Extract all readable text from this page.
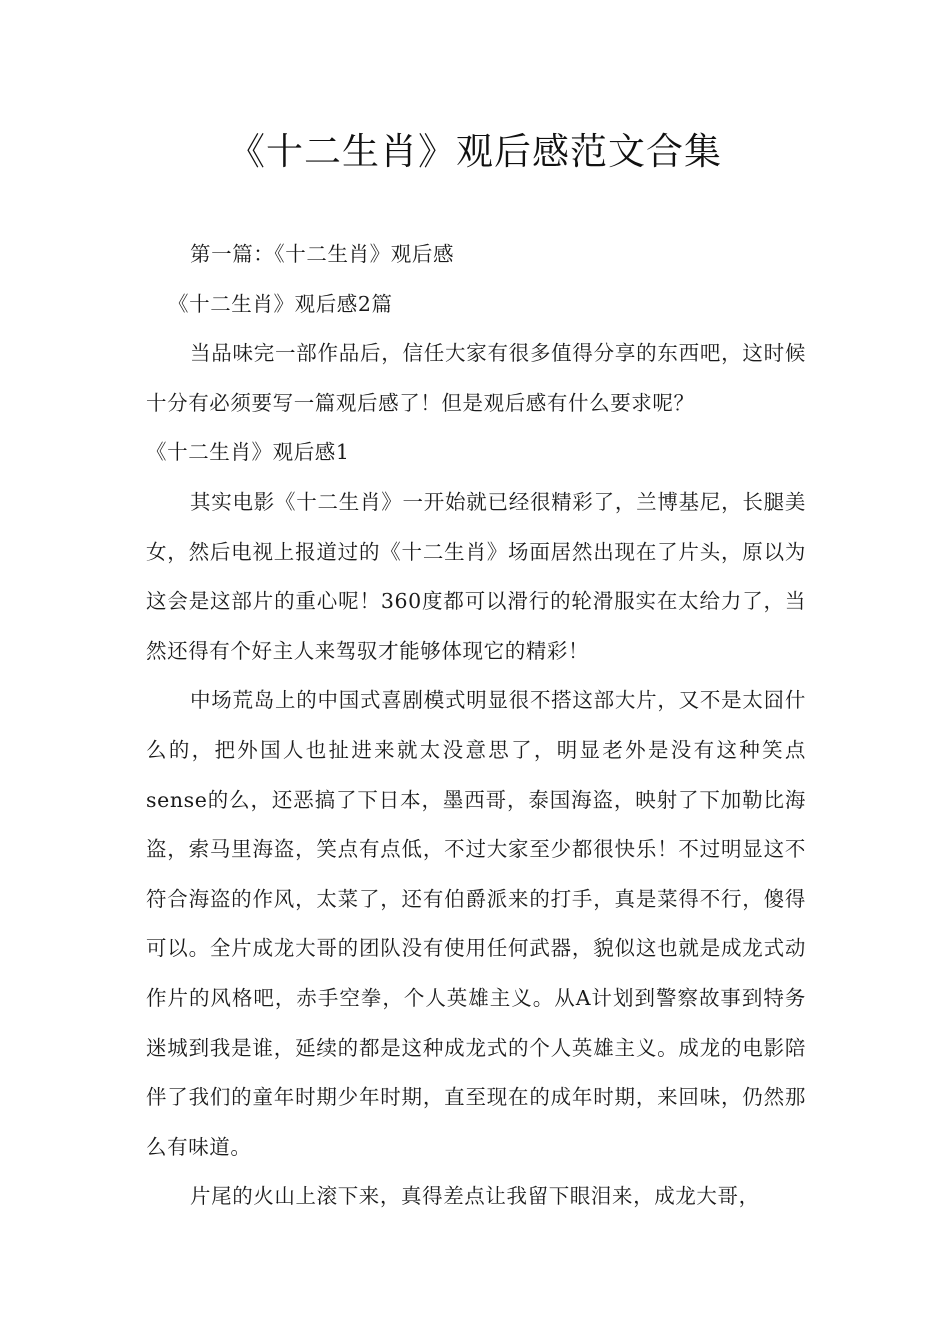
《十二生肖》观后感范文合集

第一篇：《十二生肖》观后感

《十二生肖》观后感2篇

当品味完一部作品后，信任大家有很多值得分享的东西吧，这时候十分有必须要写一篇观后感了！但是观后感有什么要求呢？

《十二生肖》观后感1

其实电影《十二生肖》一开始就已经很精彩了，兰博基尼，长腿美女，然后电视上报道过的《十二生肖》场面居然出现在了片头，原以为这会是这部片的重心呢！360度都可以滑行的轮滑服实在太给力了，当然还得有个好主人来驾驭才能够体现它的精彩！

中场荒岛上的中国式喜剧模式明显很不搭这部大片，又不是太囧什么的，把外国人也扯进来就太没意思了，明显老外是没有这种笑点sense的么，还恶搞了下日本，墨西哥，泰国海盗，映射了下加勒比海盗，索马里海盗，笑点有点低，不过大家至少都很快乐！不过明显这不符合海盗的作风，太菜了，还有伯爵派来的打手，真是菜得不行，傻得可以。全片成龙大哥的团队没有使用任何武器，貌似这也就是成龙式动作片的风格吧，赤手空拳，个人英雄主义。从A计划到警察故事到特务迷城到我是谁，延续的都是这种成龙式的个人英雄主义。成龙的电影陪伴了我们的童年时期少年时期，直至现在的成年时期，来回味，仍然那么有味道。

片尾的火山上滚下来，真得差点让我留下眼泪来，成龙大哥，
